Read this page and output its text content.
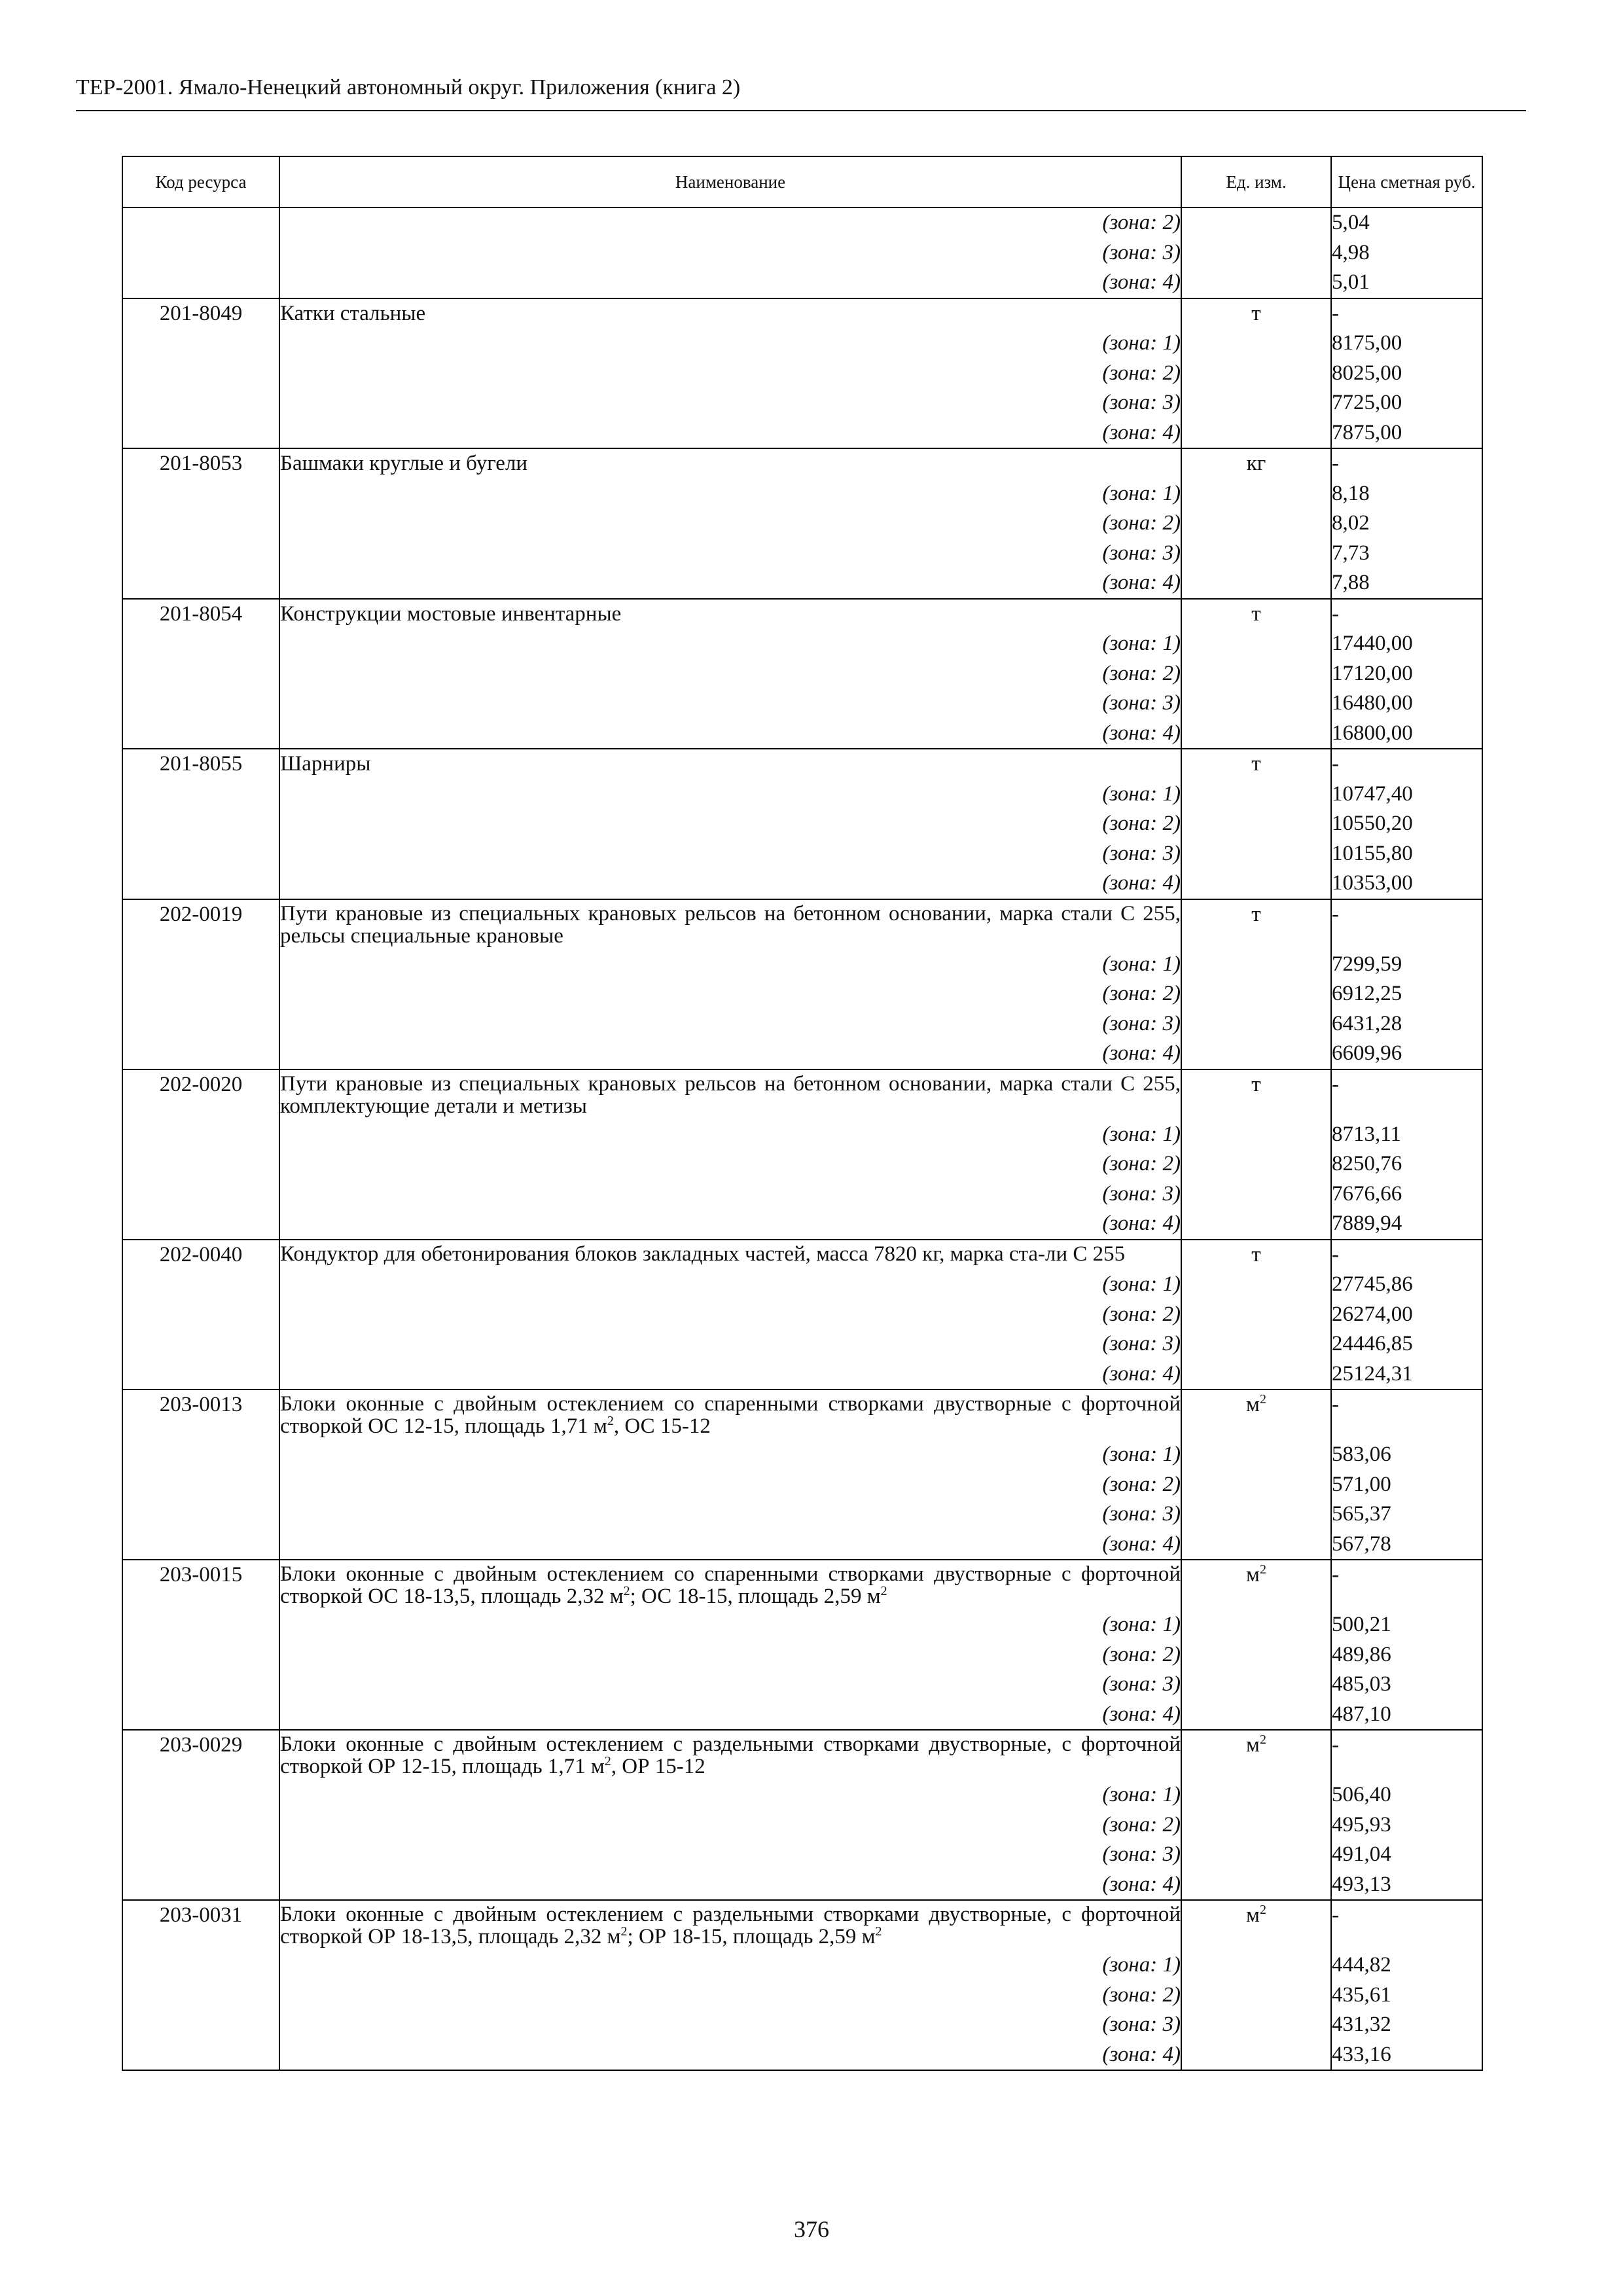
ТЕР-2001. Ямало-Ненецкий автономный округ. Приложения (книга 2)
Код ресурса	Наименование	Ед. изм.	Цена сметная руб.
	(зона: 2)		5,04
	(зона: 3)		4,98
	(зона: 4)		5,01
201-8049	Катки стальные	т	-
	(зона: 1)		8175,00
	(зона: 2)		8025,00
	(зона: 3)		7725,00
	(зона: 4)		7875,00
201-8053	Башмаки круглые и бугели	кг	-
	(зона: 1)		8,18
	(зона: 2)		8,02
	(зона: 3)		7,73
	(зона: 4)		7,88
201-8054	Конструкции мостовые инвентарные	т	-
	(зона: 1)		17440,00
	(зона: 2)		17120,00
	(зона: 3)		16480,00
	(зона: 4)		16800,00
201-8055	Шарниры	т	-
	(зона: 1)		10747,40
	(зона: 2)		10550,20
	(зона: 3)		10155,80
	(зона: 4)		10353,00
202-0019	Пути крановые из специальных крановых рельсов на бетонном основании, марка стали С 255, рельсы специальные крановые	т	-
	(зона: 1)		7299,59
	(зона: 2)		6912,25
	(зона: 3)		6431,28
	(зона: 4)		6609,96
202-0020	Пути крановые из специальных крановых рельсов на бетонном основании, марка стали С 255, комплектующие детали и метизы	т	-
	(зона: 1)		8713,11
	(зона: 2)		8250,76
	(зона: 3)		7676,66
	(зона: 4)		7889,94
202-0040	Кондуктор для обетонирования блоков закладных частей, масса 7820 кг, марка ста-ли С 255	т	-
	(зона: 1)		27745,86
	(зона: 2)		26274,00
	(зона: 3)		24446,85
	(зона: 4)		25124,31
203-0013	Блоки оконные с двойным остеклением со спаренными створками двустворные с форточной створкой ОС 12-15, площадь 1,71 $м^2$, ОС 15-12	$м^2$	-
	(зона: 1)		583,06
	(зона: 2)		571,00
	(зона: 3)		565,37
	(зона: 4)		567,78
203-0015	Блоки оконные с двойным остеклением со спаренными створками двустворные с форточной створкой ОС 18-13,5, площадь 2,32 $м^2$; ОС 18-15, площадь 2,59 $м^2$	$м^2$	-
	(зона: 1)		500,21
	(зона: 2)		489,86
	(зона: 3)		485,03
	(зона: 4)		487,10
203-0029	Блоки оконные с двойным остеклением с раздельными створками двустворные, с форточной створкой ОР 12-15, площадь 1,71 $м^2$, ОР 15-12	$м^2$	-
	(зона: 1)		506,40
	(зона: 2)		495,93
	(зона: 3)		491,04
	(зона: 4)		493,13
203-0031	Блоки оконные с двойным остеклением с раздельными створками двустворные, с форточной створкой ОР 18-13,5, площадь 2,32 $м^2$; ОР 18-15, площадь 2,59 $м^2$	$м^2$	-
	(зона: 1)		444,82
	(зона: 2)		435,61
	(зона: 3)		431,32
	(зона: 4)		433,16
376
